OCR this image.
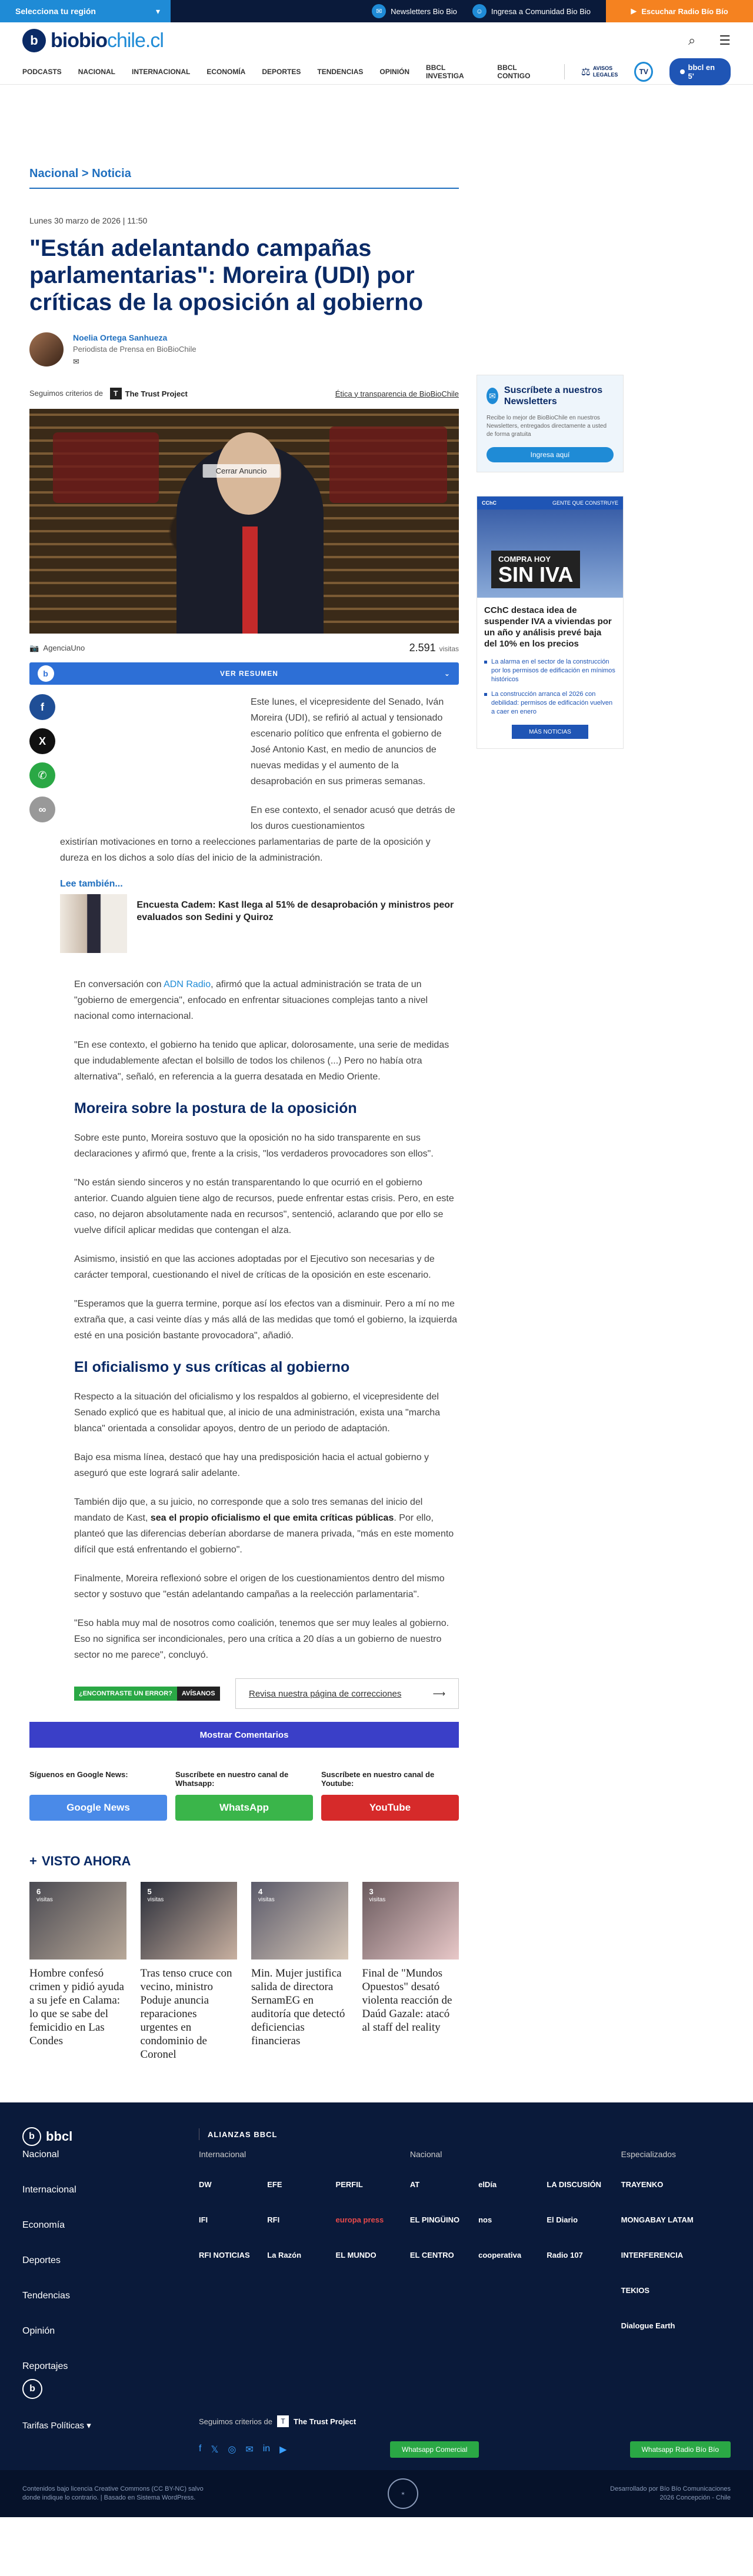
Selecciona tu región	▾	✉	Newsletters Bio Bio	☺	Ingresa a Comunidad Bio Bio	▶ Escuchar Radio Bío Bío
b biobiochile.cl	⌕ ☰
PODCASTS NACIONAL INTERNACIONAL ECONOMÍA DEPORTES TENDENCIAS OPINIÓN BBCL INVESTIGA
BBCL CONTIGO	⚖ AVISOS
LEGALES	TV	bbcl en 5'
Nacional > Noticia
Lunes 30 marzo de 2026 | 11:50
"Están adelantando campañas parlamentarias": Moreira (UDI) por críticas de la oposición al gobierno
Noelia Ortega Sanhueza
Periodista de Prensa en BioBioChile
✉
Seguimos criterios de	T The Trust Project	Ética y transparencia de BioBioChile
Cerrar Anuncio
📷 AgenciaUno	2.591 visitas
b	VER RESUMEN	⌄
f
X
✆
∞

Este lunes, el vicepresidente del Senado, Iván Moreira (UDI), se refirió al actual y tensionado escenario político que enfrenta el gobierno de José Antonio Kast, en medio de anuncios de nuevas medidas y el aumento de la desaprobación en sus primeras semanas.

En ese contexto, el senador acusó que detrás de los duros cuestionamientos

existirían motivaciones en torno a reelecciones parlamentarias de parte de la oposición y dureza en los dichos a solo días del inicio de la administración.

Lee también...
Encuesta Cadem: Kast llega al 51% de desaprobación y ministros peor evaluados son Sedini y Quiroz

En conversación con ADN Radio, afirmó que la actual administración se trata de un "gobierno de emergencia", enfocado en enfrentar situaciones complejas tanto a nivel nacional como internacional.

"En ese contexto, el gobierno ha tenido que aplicar, dolorosamente, una serie de medidas que indudablemente afectan el bolsillo de todos los chilenos (...) Pero no había otra alternativa", señaló, en referencia a la guerra desatada en Medio Oriente.

Moreira sobre la postura de la oposición

Sobre este punto, Moreira sostuvo que la oposición no ha sido transparente en sus declaraciones y afirmó que, frente a la crisis, "los verdaderos provocadores son ellos".

"No están siendo sinceros y no están transparentando lo que ocurrió en el gobierno anterior. Cuando alguien tiene algo de recursos, puede enfrentar estas crisis. Pero, en este caso, no dejaron absolutamente nada en recursos", sentenció, aclarando que por ello se vuelve difícil aplicar medidas que contengan el alza.

Asimismo, insistió en que las acciones adoptadas por el Ejecutivo son necesarias y de carácter temporal, cuestionando el nivel de críticas de la oposición en este escenario.

"Esperamos que la guerra termine, porque así los efectos van a disminuir. Pero a mí no me extraña que, a casi veinte días y más allá de las medidas que tomó el gobierno, la izquierda esté en una posición bastante provocadora", añadió.

El oficialismo y sus críticas al gobierno

Respecto a la situación del oficialismo y los respaldos al gobierno, el vicepresidente del Senado explicó que es habitual que, al inicio de una administración, exista una "marcha blanca" orientada a consolidar apoyos, dentro de un periodo de adaptación.

Bajo esa misma línea, destacó que hay una predisposición hacia el actual gobierno y aseguró que este logrará salir adelante.

También dijo que, a su juicio, no corresponde que a solo tres semanas del inicio del mandato de Kast, sea el propio oficialismo el que emita críticas públicas. Por ello, planteó que las diferencias deberían abordarse de manera privada, "más en este momento difícil que está enfrentando el gobierno".

Finalmente, Moreira reflexionó sobre el origen de los cuestionamientos dentro del mismo sector y sostuvo que "están adelantando campañas a la reelección parlamentaria".

"Eso habla muy mal de nosotros como coalición, tenemos que ser muy leales al gobierno. Eso no significa ser incondicionales, pero una crítica a 20 días a un gobierno de nuestro sector no me parece", concluyó.

¿ENCONTRASTE UN ERROR?	AVÍSANOS	Revisa nuestra página de correcciones	⟶
Mostrar Comentarios
Síguenos en Google News:
Google News
Suscríbete en nuestro canal de Whatsapp:
WhatsApp
Suscríbete en nuestro canal de Youtube:
YouTube
+ VISTO AHORA
6
visitas
Hombre confesó crimen y pidió ayuda a su jefe en Calama: lo que se sabe del femicidio en Las Condes
5
visitas
Tras tenso cruce con vecino, ministro Poduje anuncia reparaciones urgentes en condominio de Coronel
4
visitas
Min. Mujer justifica salida de directora SernamEG en auditoría que detectó deficiencias financieras
3
visitas
Final de "Mundos Opuestos" desató violenta reacción de Daúd Gazale: atacó al staff del reality
✉
Suscríbete a nuestros Newsletters
Recibe lo mejor de BioBioChile en nuestros Newsletters, entregados directamente a usted de forma gratuita
Ingresa aquí
CChC	GENTE QUE CONSTRUYE
COMPRA HOY
SIN IVA
CChC destaca idea de suspender IVA a viviendas por un año y análisis prevé baja del 10% en los precios
La alarma en el sector de la construcción por los permisos de edificación en mínimos históricos
La construcción arranca el 2026 con debilidad: permisos de edificación vuelven a caer en enero
MÁS NOTICIAS
b bbcl	ALIANZAS BBCL
Nacional
Internacional
Economía
Deportes
Tendencias
Opinión
Reportajes
Internacional
DW	EFE	PERFIL
IFI	RFI	europa press
RFI NOTICIAS	La Razón	EL MUNDO
Nacional
AT	elDía	LA DISCUSIÓN
EL PINGÜINO	nos	El Diario
EL CENTRO	cooperativa	Radio 107
Especializados
TRAYENKO
MONGABAY LATAM
INTERFERENCIA
TEKIOS
Dialogue Earth
b
Tarifas Políticas ▾	Seguimos criterios de	T	The Trust Project
f 𝕏 ◎ ✉ in ▶	Whatsapp Comercial	Whatsapp Radio Bío Bío
Contenidos bajo licencia Creative Commons (CC BY-NC) salvo donde indique lo contrario. | Basado en Sistema WordPress.
✶
Desarrollado por Bío Bío Comunicaciones 2026 Concepción - Chile
